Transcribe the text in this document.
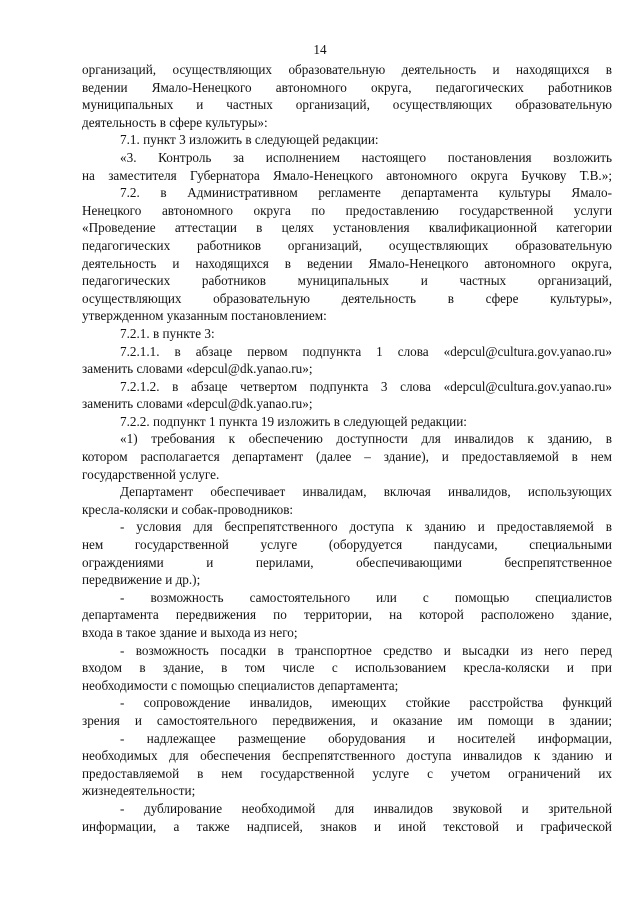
14
организаций, осуществляющих образовательную деятельность и находящихся в
ведении Ямало-Ненецкого автономного округа, педагогических работников
муниципальных и частных организаций, осуществляющих образовательную
деятельность в сфере культуры»:
7.1. пункт 3 изложить в следующей редакции:
«3. Контроль за исполнением настоящего постановления возложить
на заместителя Губернатора Ямало-Ненецкого автономного округа Бучкову Т.В.»;
7.2. в Административном регламенте департамента культуры Ямало-
Ненецкого автономного округа по предоставлению государственной услуги
«Проведение аттестации в целях установления квалификационной категории
педагогических работников организаций, осуществляющих образовательную
деятельность и находящихся в ведении Ямало-Ненецкого автономного округа,
педагогических работников муниципальных и частных организаций,
осуществляющих образовательную деятельность в сфере культуры»,
утвержденном указанным постановлением:
7.2.1. в пункте 3:
7.2.1.1. в абзаце первом подпункта 1 слова «depcul@cultura.gov.yanao.ru»
заменить словами «depcul@dk.yanao.ru»;
7.2.1.2. в абзаце четвертом подпункта 3 слова «depcul@cultura.gov.yanao.ru»
заменить словами «depcul@dk.yanao.ru»;
7.2.2. подпункт 1 пункта 19 изложить в следующей редакции:
«1) требования к обеспечению доступности для инвалидов к зданию, в
котором располагается департамент (далее – здание), и предоставляемой в нем
государственной услуге.
Департамент обеспечивает инвалидам, включая инвалидов, использующих
кресла-коляски и собак-проводников:
- условия для беспрепятственного доступа к зданию и предоставляемой в
нем государственной услуге (оборудуется пандусами, специальными
ограждениями и перилами, обеспечивающими беспрепятственное
передвижение и др.);
- возможность самостоятельного или с помощью специалистов
департамента передвижения по территории, на которой расположено здание,
входа в такое здание и выхода из него;
- возможность посадки в транспортное средство и высадки из него перед
входом в здание, в том числе с использованием кресла-коляски и при
необходимости с помощью специалистов департамента;
- сопровождение инвалидов, имеющих стойкие расстройства функций
зрения и самостоятельного передвижения, и оказание им помощи в здании;
- надлежащее размещение оборудования и носителей информации,
необходимых для обеспечения беспрепятственного доступа инвалидов к зданию и
предоставляемой в нем государственной услуге с учетом ограничений их
жизнедеятельности;
- дублирование необходимой для инвалидов звуковой и зрительной
информации, а также надписей, знаков и иной текстовой и графической
